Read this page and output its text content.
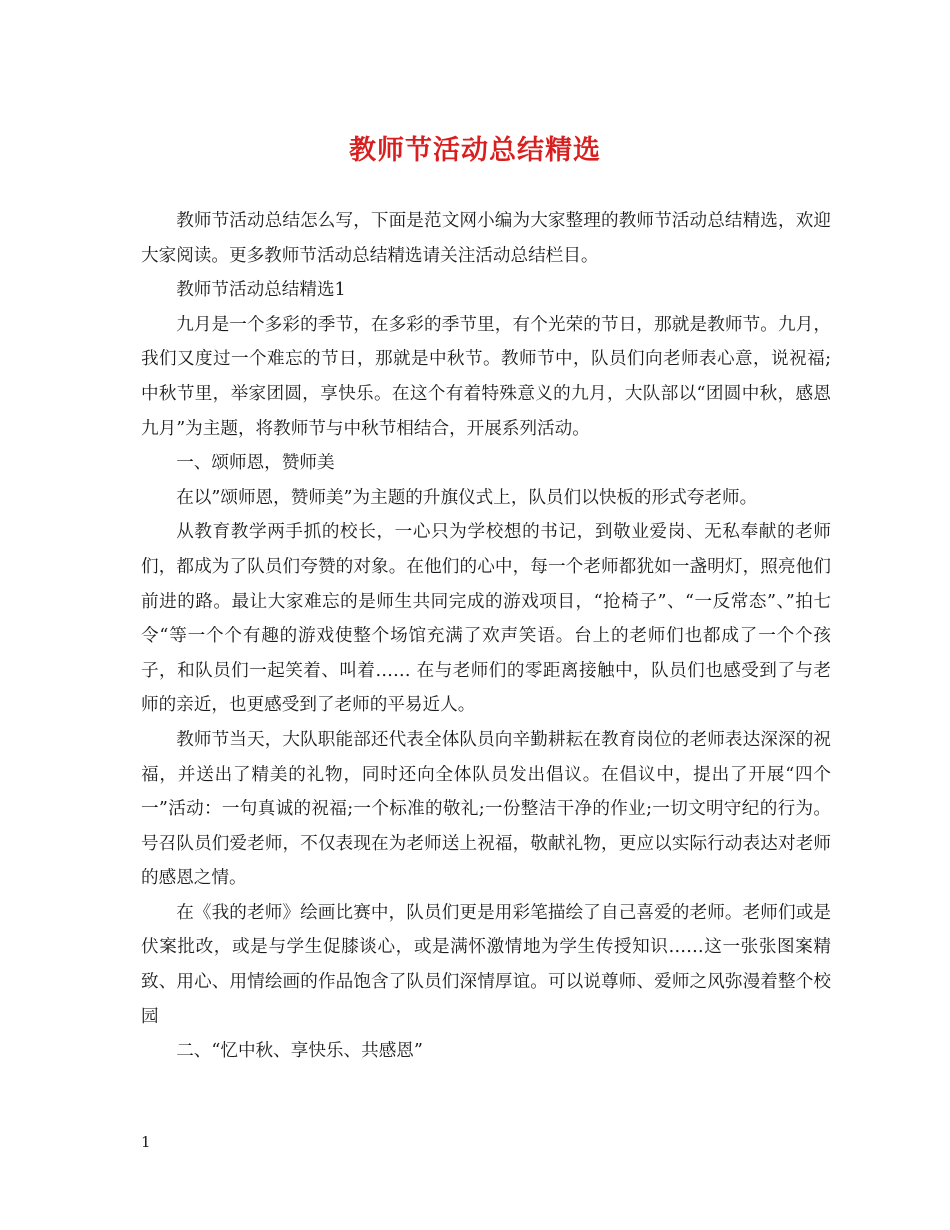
教师节活动总结精选

教师节活动总结怎么写，下面是范文网小编为大家整理的教师节活动总结精选，欢迎大家阅读。更多教师节活动总结精选请关注活动总结栏目。

教师节活动总结精选1

九月是一个多彩的季节，在多彩的季节里，有个光荣的节日，那就是教师节。九月，我们又度过一个难忘的节日，那就是中秋节。教师节中，队员们向老师表心意，说祝福;中秋节里，举家团圆，享快乐。在这个有着特殊意义的九月，大队部以“团圆中秋，感恩九月”为主题，将教师节与中秋节相结合，开展系列活动。

一、颂师恩，赞师美

在以”颂师恩，赞师美”为主题的升旗仪式上，队员们以快板的形式夸老师。

从教育教学两手抓的校长，一心只为学校想的书记，到敬业爱岗、无私奉献的老师们，都成为了队员们夸赞的对象。在他们的心中，每一个老师都犹如一盏明灯，照亮他们前进的路。最让大家难忘的是师生共同完成的游戏项目，“抢椅子”、“一反常态”、”拍七令“等一个个有趣的游戏使整个场馆充满了欢声笑语。台上的老师们也都成了一个个孩子，和队员们一起笑着、叫着…… 在与老师们的零距离接触中，队员们也感受到了与老师的亲近，也更感受到了老师的平易近人。

教师节当天，大队职能部还代表全体队员向辛勤耕耘在教育岗位的老师表达深深的祝福，并送出了精美的礼物，同时还向全体队员发出倡议。在倡议中，提出了开展“四个一”活动：一句真诚的祝福;一个标准的敬礼;一份整洁干净的作业;一切文明守纪的行为。号召队员们爱老师，不仅表现在为老师送上祝福，敬献礼物，更应以实际行动表达对老师的感恩之情。

在《我的老师》绘画比赛中，队员们更是用彩笔描绘了自己喜爱的老师。老师们或是伏案批改，或是与学生促膝谈心，或是满怀激情地为学生传授知识……这一张张图案精致、用心、用情绘画的作品饱含了队员们深情厚谊。可以说尊师、爱师之风弥漫着整个校园

二、“忆中秋、享快乐、共感恩”

1
